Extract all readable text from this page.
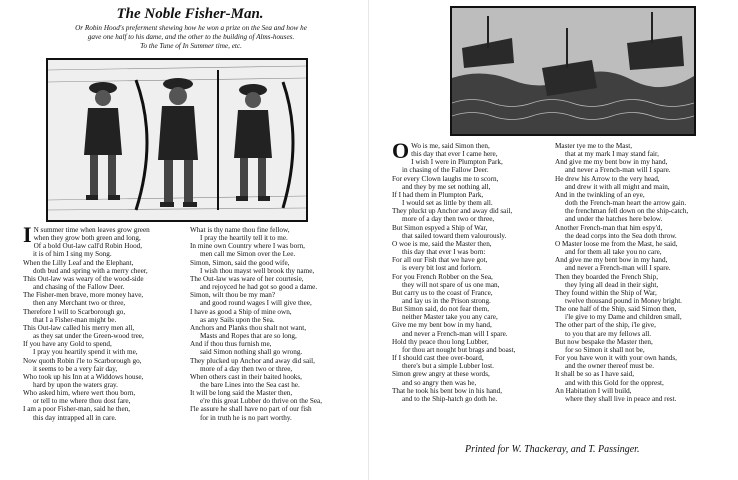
The Noble Fisher-Man.
Or Robin Hood's preferment shewing how he won a prize on the Sea and how he
gave one half to his dame, and the other to the building of Alms-houses.
To the Tune of In Summer time, etc.
I N summer time when leaves grow green
when they grow both green and long,
Of a bold Out-law call'd Robin Hood,
it is of him I sing my Song.
When the Lilly Leaf and the Elephant,
doth bud and spring with a merry cheer,
This Out-law was weary of the wood-side
and chasing of the Fallow Deer.
The Fisher-men brave, more money have,
then any Merchant two or three,
Therefore I will to Scarborough go,
that I a Fisher-man might be.
This Out-law called his merry men all,
as they sat under the Green-wood tree,
If you have any Gold to spend,
I pray you heartily spend it with me,
Now quoth Robin i'le to Scarborough go,
it seems to be a very fair day,
Who took up his Inn at a Widdows house,
hard by upon the waters gray.
Who asked him, where wert thou born,
or tell to me where thou dost fare,
I am a poor Fisher-man, said he then,
this day intrapped all in care.
What is thy name thou fine fellow,
I pray the heartily tell it to me.
In mine own Country where I was born,
men call me Simon over the Lee.
Simon, Simon, said the good wife,
I wish thou mayst well brook thy name,
The Out-law was ware of her courtesie,
and rejoyced he had got so good a dame.
Simon, wilt thou be my man?
and good round wages I will give thee,
I have as good a Ship of mine own,
as any Sails upon the Sea.
Anchors and Planks thou shalt not want,
Masts and Ropes that are so long,
And if thou thus furnish me,
said Simon nothing shall go wrong.
They plucked up Anchor and away did sail,
more of a day then two or three,
When others cast in their baited hooks,
the bare Lines into the Sea cast he.
It will be long said the Master then,
e're this great Lubber do thrive on the Sea,
I'le assure he shall have no part of our fish
for in truth he is no part worthy.
O Wo is me, said Simon then,
this day that ever I came here,
I wish I were in Plumpton Park,
in chasing of the Fallow Deer.
For every Clown laughs me to scorn,
and they by me set nothing all,
If I had them in Plumpton Park,
I would set as little by them all.
They pluckt up Anchor and away did sail,
more of a day then two or three,
But Simon espyed a Ship of War,
that sailed toward them valourously.
O woe is me, said the Master then,
this day that ever I was born:
For all our Fish that we have got,
is every bit lost and forlorn.
For you French Robber on the Sea,
they will not spare of us one man,
But carry us to the coast of France,
and lay us in the Prison strong.
But Simon said, do not fear them,
neither Master take you any care,
Give me my bent bow in my hand,
and never a French-man will I spare.
Hold thy peace thou long Lubber,
for thou art nought but brags and boast,
If I should cast thee over-board,
there's but a simple Lubber lost.
Simon grew angry at these words,
and so angry then was he,
That he took his bent bow in his hand,
and to the Ship-hatch go doth he.
Master tye me to the Mast,
that at my mark I may stand fair,
And give me my bent bow in my hand,
and never a French-man will I spare.
He drew his Arrow to the very head,
and drew it with all might and main,
And in the twinkling of an eye,
doth the French-man heart the arrow gain.
the frenchman fell down on the ship-catch,
and under the hatches here below.
Another French-man that him espy'd,
the dead corps into the Sea doth throw.
O Master loose me from the Mast, he said,
and for them all take you no care,
And give me my bent bow in my hand,
and never a French-man will I spare.
Then they boarded the French Ship,
they lying all dead in their sight,
They found within the Ship of War,
twelve thousand pound in Money bright.
The one half of the Ship, said Simon then,
i'le give to my Dame and children small,
The other part of the ship, i'le give,
to you that are my fellows all.
But now bespake the Master then,
for so Simon it shall not be,
For you have won it with your own hands,
and the owner thereof must be.
It shall be so as I have said,
and with this Gold for the opprest,
An Habitation I will build,
where they shall live in peace and rest.
Printed for W. Thackeray, and T. Passinger.
